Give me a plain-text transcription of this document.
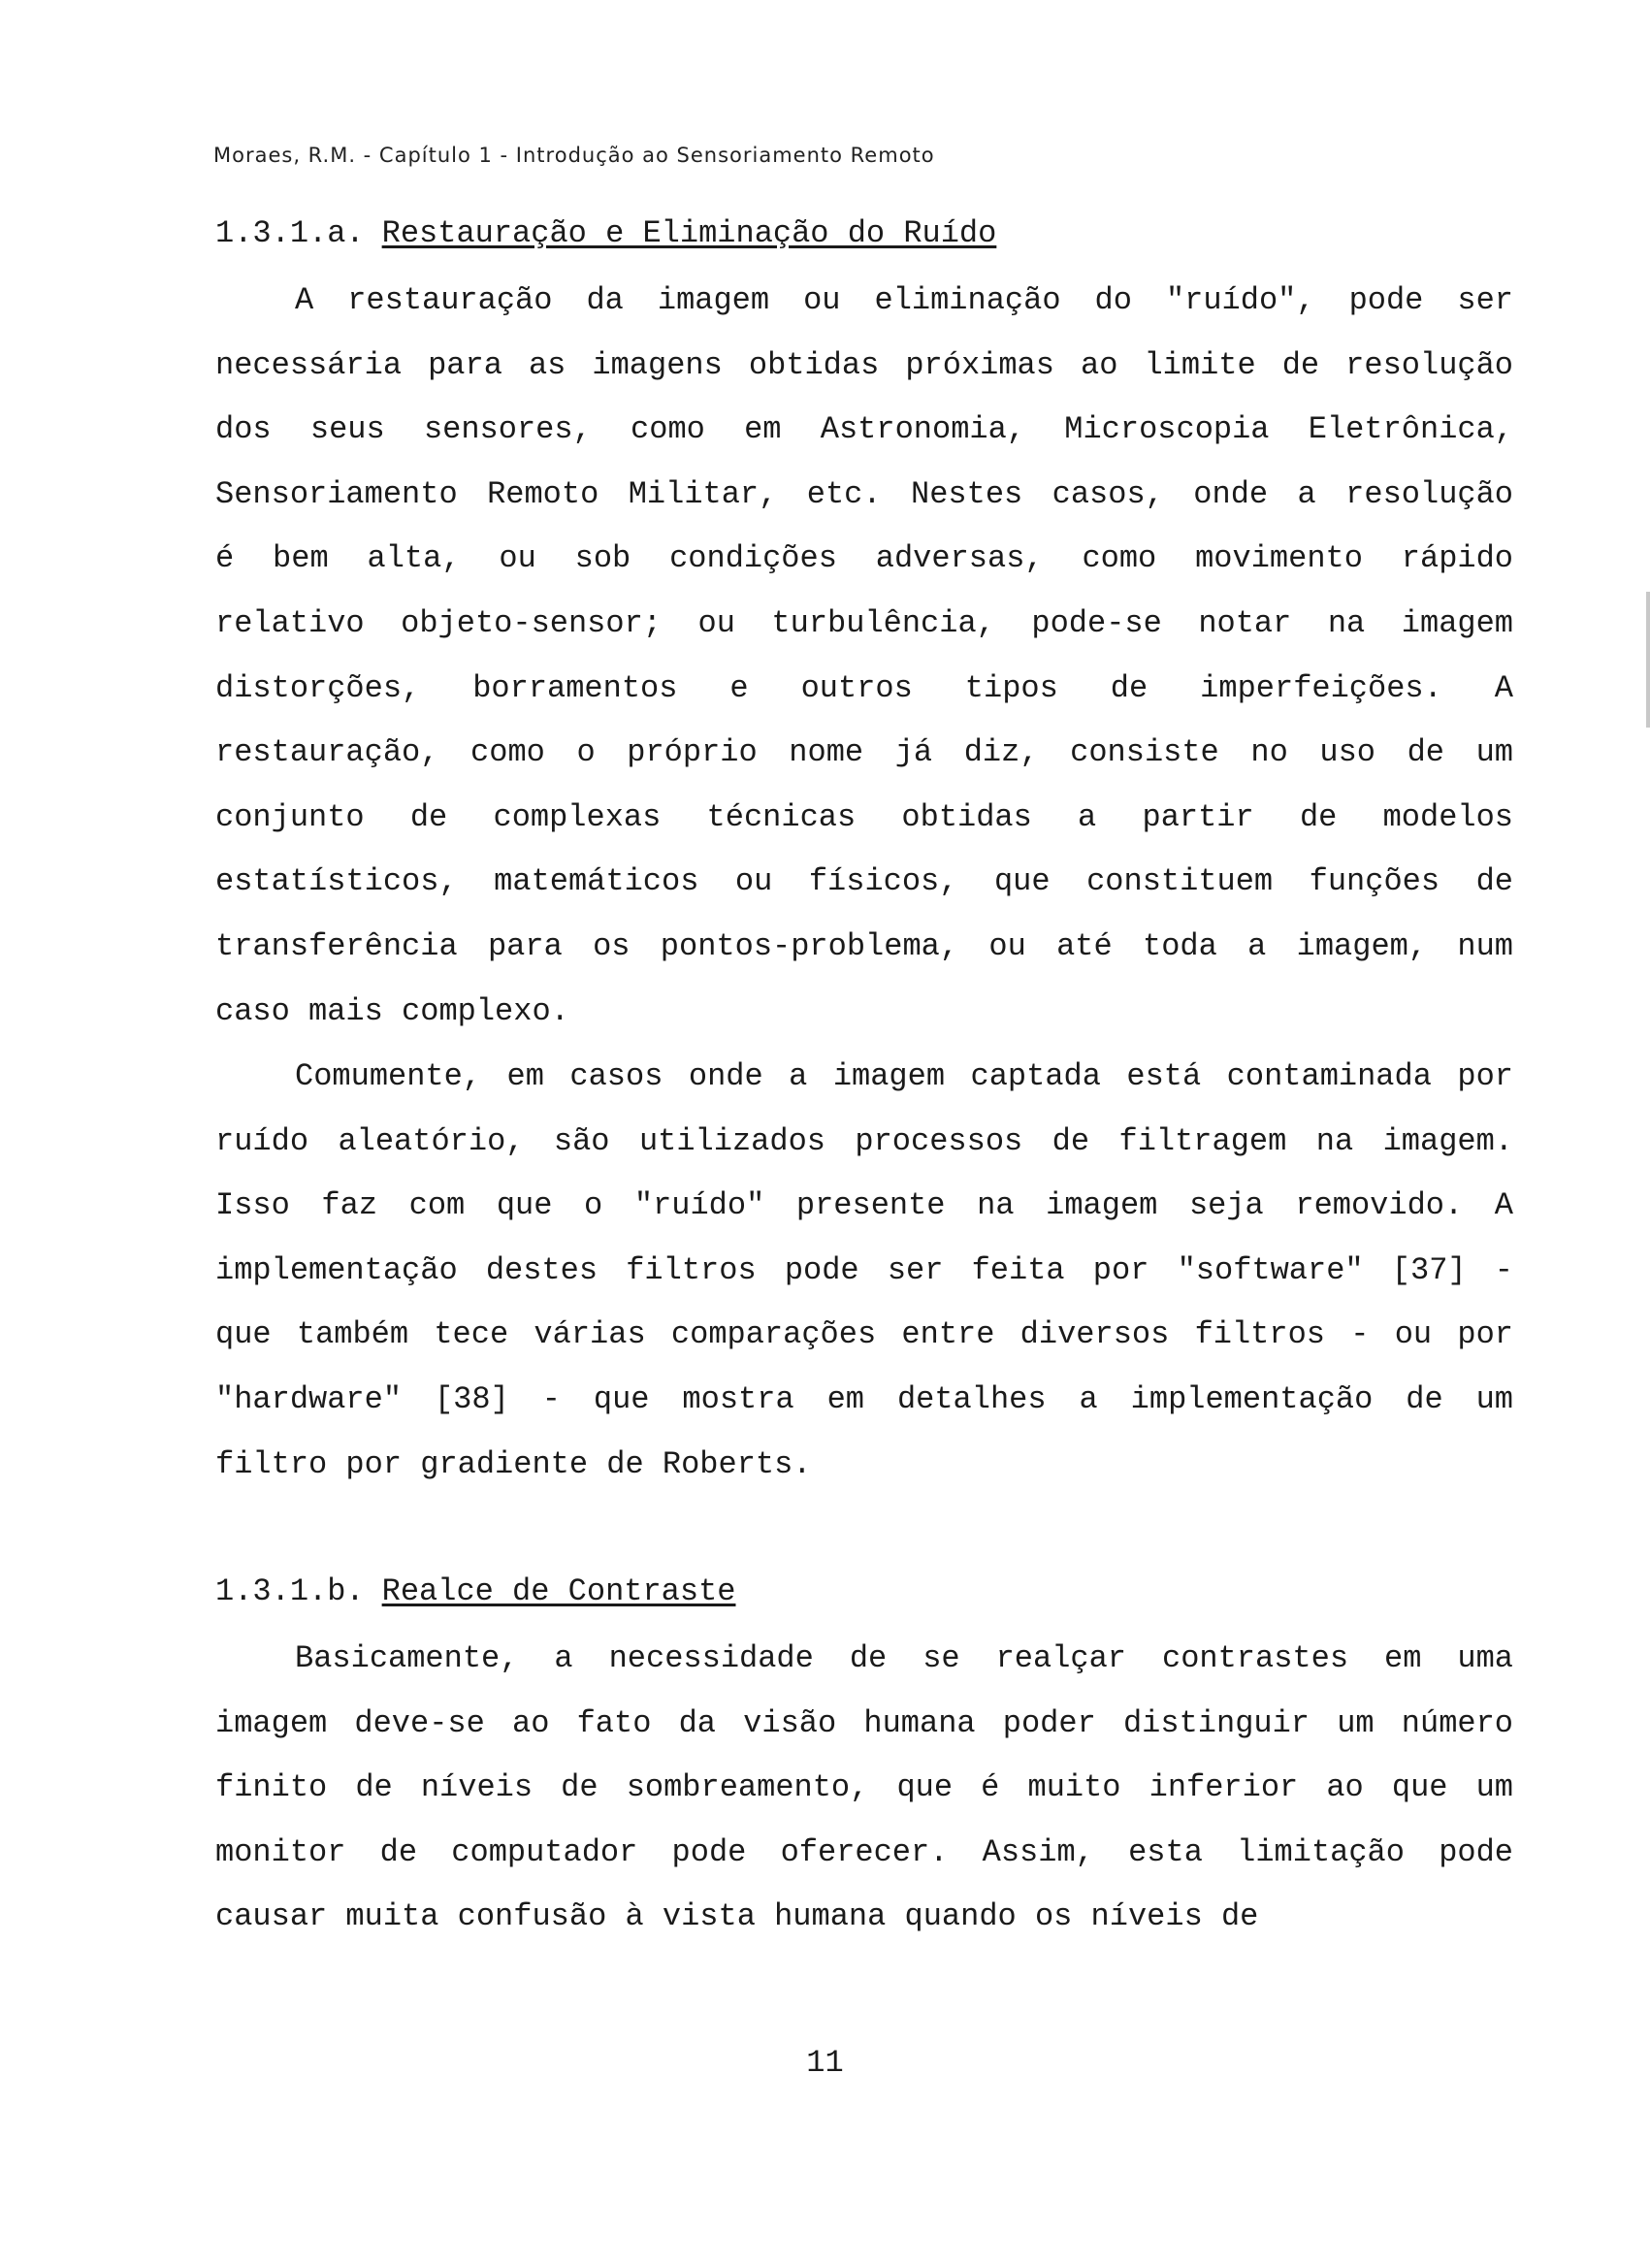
Moraes, R.M. - Capítulo 1 - Introdução ao Sensoriamento Remoto
1.3.1.a. Restauração e Eliminação do Ruído
A restauração da imagem ou eliminação do "ruído", pode ser
necessária para as imagens obtidas próximas ao limite de resolução
dos seus sensores, como em Astronomia, Microscopia Eletrônica,
Sensoriamento Remoto Militar, etc. Nestes casos, onde a resolução
é bem alta, ou sob condições adversas, como movimento rápido
relativo objeto-sensor; ou turbulência, pode-se notar na imagem
distorções, borramentos e outros tipos de imperfeições. A
restauração, como o próprio nome já diz, consiste no uso de um
conjunto de complexas técnicas obtidas a partir de modelos
estatísticos, matemáticos ou físicos, que constituem funções de
transferência para os pontos-problema, ou até toda a imagem, num
caso mais complexo.
Comumente, em casos onde a imagem captada está contaminada por
ruído aleatório, são utilizados processos de filtragem na imagem.
Isso faz com que o "ruído" presente na imagem seja removido. A
implementação destes filtros pode ser feita por "software" [37] -
que também tece várias comparações entre diversos filtros - ou por
"hardware" [38] - que mostra em detalhes a implementação de um
filtro por gradiente de Roberts.
1.3.1.b. Realce de Contraste
Basicamente, a necessidade de se realçar contrastes em uma
imagem deve-se ao fato da visão humana poder distinguir um número
finito de níveis de sombreamento, que é muito inferior ao que um
monitor de computador pode oferecer. Assim, esta limitação pode
causar muita confusão à vista humana quando os níveis de
11
